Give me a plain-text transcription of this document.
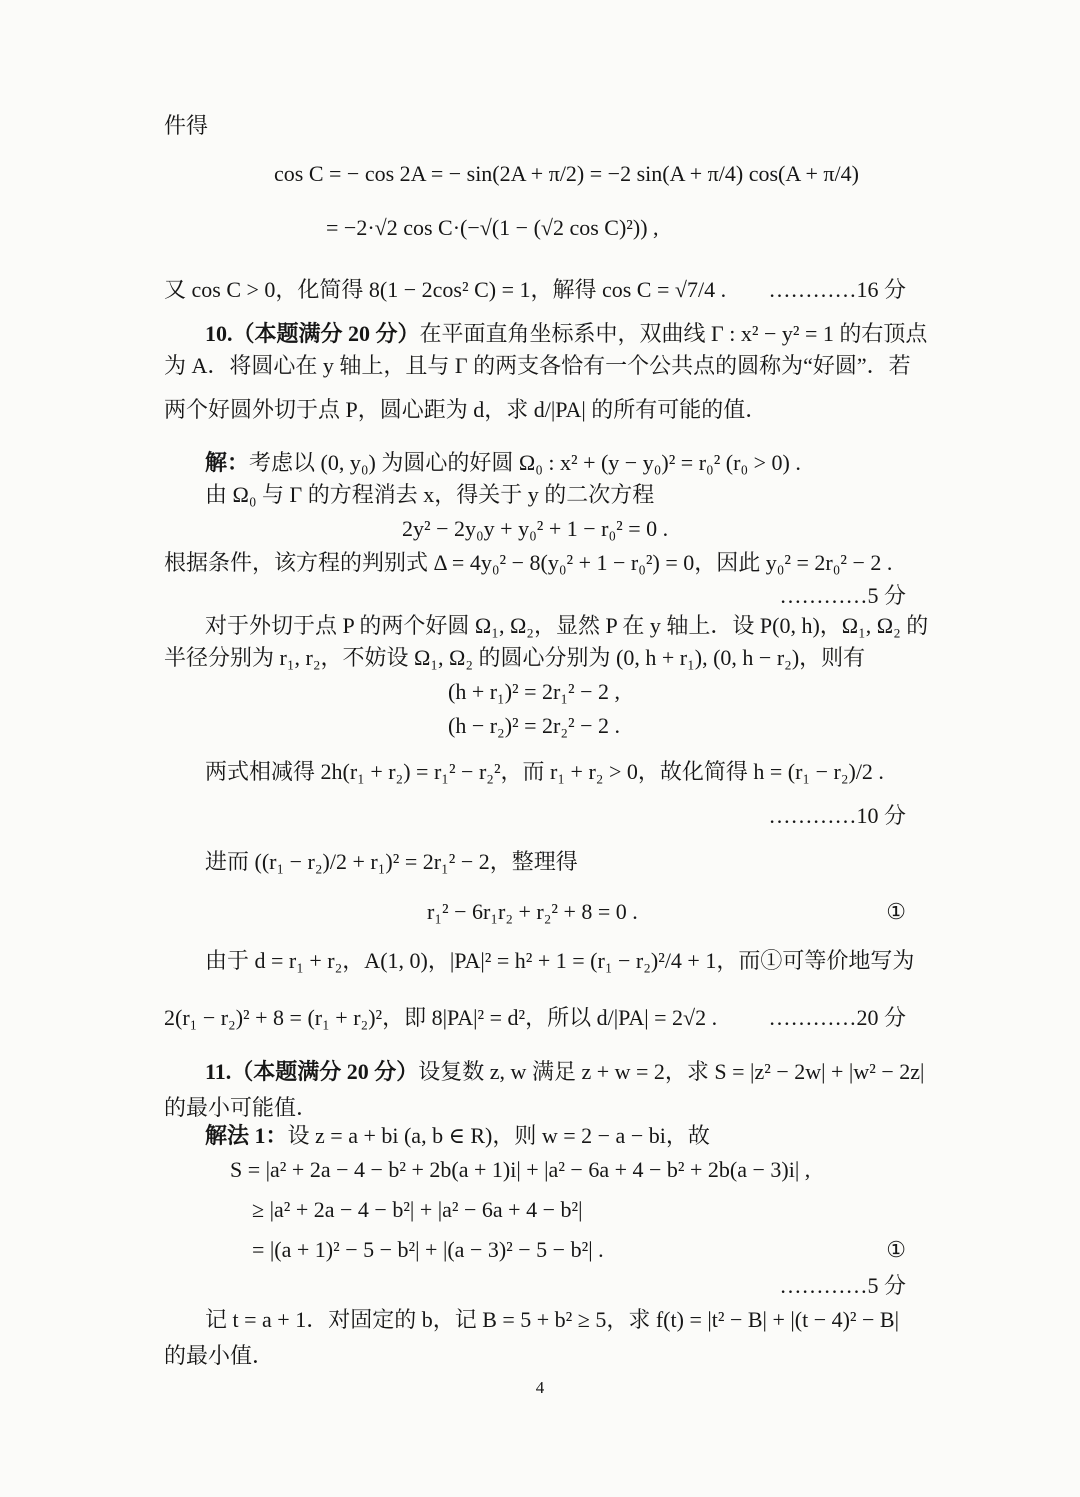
件得
cos C = − cos 2A = − sin(2A + π/2) = −2 sin(A + π/4) cos(A + π/4)
= −2·√2 cos C·(−√(1 − (√2 cos C)²)) ,
又 cos C > 0，化简得 8(1 − 2cos² C) = 1，解得 cos C = √7/4 . …………16 分
10.（本题满分 20 分）在平面直角坐标系中，双曲线 Γ : x² − y² = 1 的右顶点
为 A．将圆心在 y 轴上，且与 Γ 的两支各恰有一个公共点的圆称为“好圆”．若
两个好圆外切于点 P，圆心距为 d，求 d/|PA| 的所有可能的值．
解：考虑以 (0, y₀) 为圆心的好圆 Ω₀ : x² + (y − y₀)² = r₀² (r₀ > 0) .
由 Ω₀ 与 Γ 的方程消去 x，得关于 y 的二次方程
2y² − 2y₀y + y₀² + 1 − r₀² = 0 .
根据条件，该方程的判别式 Δ = 4y₀² − 8(y₀² + 1 − r₀²) = 0，因此 y₀² = 2r₀² − 2 .
…………5 分
对于外切于点 P 的两个好圆 Ω₁, Ω₂，显然 P 在 y 轴上．设 P(0, h)，Ω₁, Ω₂ 的
半径分别为 r₁, r₂，不妨设 Ω₁, Ω₂ 的圆心分别为 (0, h + r₁), (0, h − r₂)，则有
(h + r₁)² = 2r₁² − 2 ,
(h − r₂)² = 2r₂² − 2 .
两式相减得 2h(r₁ + r₂) = r₁² − r₂²，而 r₁ + r₂ > 0，故化简得 h = (r₁ − r₂)/2 .
…………10 分
进而 ((r₁ − r₂)/2 + r₁)² = 2r₁² − 2，整理得
r₁² − 6r₁r₂ + r₂² + 8 = 0 .	①
由于 d = r₁ + r₂，A(1, 0)，|PA|² = h² + 1 = (r₁ − r₂)²/4 + 1，而①可等价地写为
2(r₁ − r₂)² + 8 = (r₁ + r₂)²，即 8|PA|² = d²，所以 d/|PA| = 2√2 . …………20 分
11.（本题满分 20 分）设复数 z, w 满足 z + w = 2，求 S = |z² − 2w| + |w² − 2z|
的最小可能值．
解法 1：设 z = a + bi (a, b ∈ R)，则 w = 2 − a − bi，故
S = |a² + 2a − 4 − b² + 2b(a + 1)i| + |a² − 6a + 4 − b² + 2b(a − 3)i| ,
≥ |a² + 2a − 4 − b²| + |a² − 6a + 4 − b²|
= |(a + 1)² − 5 − b²| + |(a − 3)² − 5 − b²| .	①
…………5 分
记 t = a + 1．对固定的 b，记 B = 5 + b² ≥ 5，求 f(t) = |t² − B| + |(t − 4)² − B|
的最小值．
4
